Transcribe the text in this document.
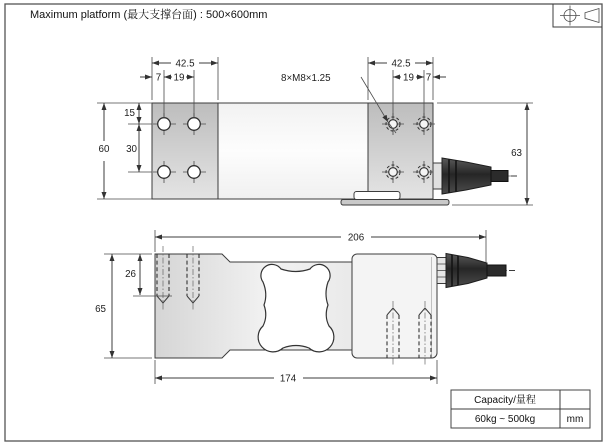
Maximum platform (最大支撑台面) : 500×600mm
42.5
7 19
42.5
19 7
8×M8×1.25
15
30
60	63
206
174
65
26
Capacity/量程
60kg ~ 500kg	mm
